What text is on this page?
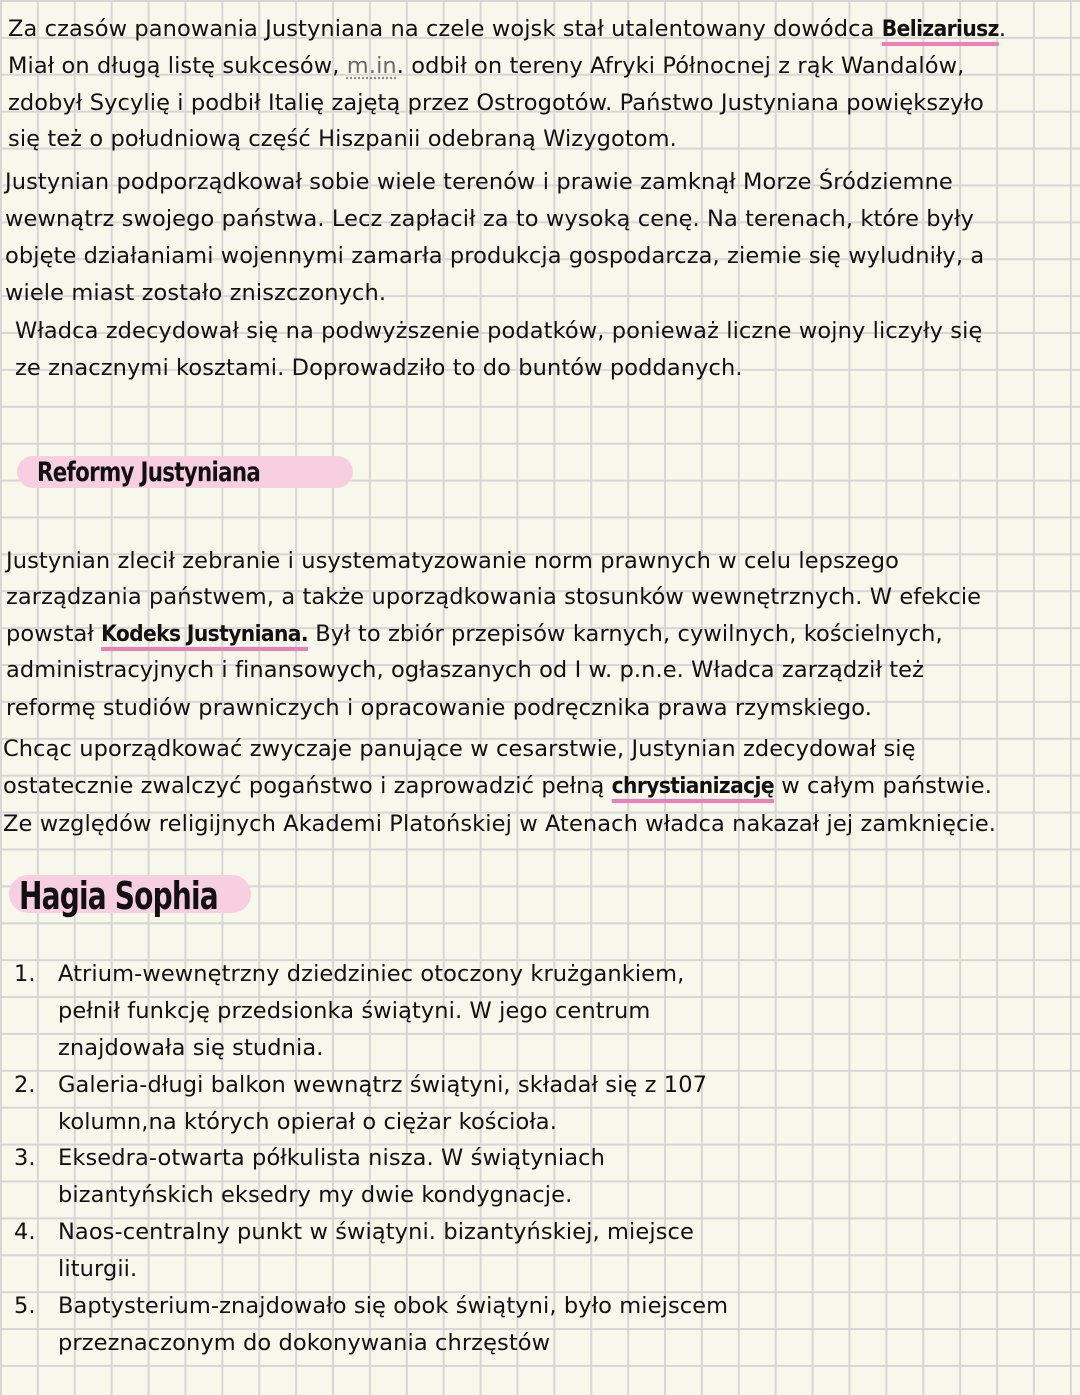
Za czasów panowania Justyniana na czele wojsk stał utalentowany dowódca Belizariusz.
Miał on długą listę sukcesów, m.in. odbił on tereny Afryki Północnej z rąk Wandalów,
zdobył Sycylię i podbił Italię zajętą przez Ostrogotów. Państwo Justyniana powiększyło
się też o południową część Hiszpanii odebraną Wizygotom.
Justynian podporządkował sobie wiele terenów i prawie zamknął Morze Śródziemne
wewnątrz swojego państwa. Lecz zapłacił za to wysoką cenę. Na terenach, które były
objęte działaniami wojennymi zamarła produkcja gospodarcza, ziemie się wyludniły, a
wiele miast zostało zniszczonych.
Władca zdecydował się na podwyższenie podatków, ponieważ liczne wojny liczyły się
ze znacznymi kosztami. Doprowadziło to do buntów poddanych.
Reformy Justyniana
Justynian zlecił zebranie i usystematyzowanie norm prawnych w celu lepszego
zarządzania państwem, a także uporządkowania stosunków wewnętrznych. W efekcie
powstał Kodeks Justyniana. Był to zbiór przepisów karnych, cywilnych, kościelnych,
administracyjnych i finansowych, ogłaszanych od I w. p.n.e. Władca zarządził też
reformę studiów prawniczych i opracowanie podręcznika prawa rzymskiego.
Chcąc uporządkować zwyczaje panujące w cesarstwie, Justynian zdecydował się
ostatecznie zwalczyć pogaństwo i zaprowadzić pełną chrystianizację w całym państwie.
Ze względów religijnych Akademi Platońskiej w Atenach władca nakazał jej zamknięcie.
Hagia Sophia
1. Atrium-wewnętrzny dziedziniec otoczony krużgankiem,
pełnił funkcję przedsionka świątyni. W jego centrum
znajdowała się studnia.
2. Galeria-długi balkon wewnątrz świątyni, składał się z 107
kolumn,na których opierał o ciężar kościoła.
3. Eksedra-otwarta półkulista nisza. W świątyniach
bizantyńskich eksedry my dwie kondygnacje.
4. Naos-centralny punkt w świątyni. bizantyńskiej, miejsce
liturgii.
5. Baptysterium-znajdowało się obok świątyni, było miejscem
przeznaczonym do dokonywania chrzęstów
